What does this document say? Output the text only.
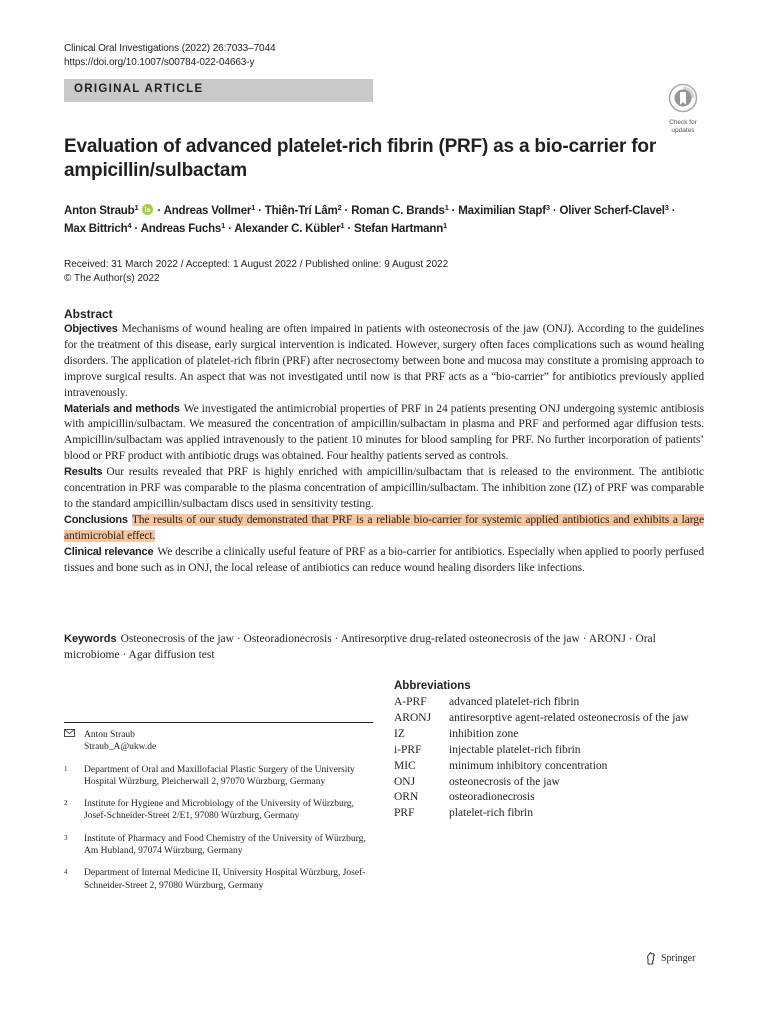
Clinical Oral Investigations (2022) 26:7033–7044
https://doi.org/10.1007/s00784-022-04663-y
ORIGINAL ARTICLE
Check for
updates
Evaluation of advanced platelet-rich fibrin (PRF) as a bio-carrier for ampicillin/sulbactam
Anton Straub$^1$  · Andreas Vollmer$^1$ · Thiên-Trí Lâm$^2$ · Roman C. Brands$^1$ · Maximilian Stapf$^3$ · Oliver Scherf-Clavel$^3$ ·
Max Bittrich$^4$ · Andreas Fuchs$^1$ · Alexander C. Kübler$^1$ · Stefan Hartmann$^1$
Received: 31 March 2022 / Accepted: 1 August 2022 / Published online: 9 August 2022
© The Author(s) 2022
Abstract
Objectives Mechanisms of wound healing are often impaired in patients with osteonecrosis of the jaw (ONJ). According to the guidelines for the treatment of this disease, early surgical intervention is indicated. However, surgery often faces complications such as wound healing disorders. The application of platelet-rich fibrin (PRF) after necrosectomy between bone and mucosa may constitute a promising approach to improve surgical results. An aspect that was not investigated until now is that PRF acts as a “bio-carrier” for antibiotics previously applied intravenously.
Materials and methods We investigated the antimicrobial properties of PRF in 24 patients presenting ONJ undergoing systemic antibiosis with ampicillin/sulbactam. We measured the concentration of ampicillin/sulbactam in plasma and PRF and performed agar diffusion tests. Ampicillin/sulbactam was applied intravenously to the patient 10 minutes for blood sampling for PRF. No further incorporation of patients’ blood or PRF product with antibiotic drugs was obtained. Four healthy patients served as controls.
Results Our results revealed that PRF is highly enriched with ampicillin/sulbactam that is released to the environment. The antibiotic concentration in PRF was comparable to the plasma concentration of ampicillin/sulbactam. The inhibition zone (IZ) of PRF was comparable to the standard ampicillin/sulbactam discs used in sensitivity testing.
Conclusions The results of our study demonstrated that PRF is a reliable bio-carrier for systemic applied antibiotics and exhibits a large antimicrobial effect.
Clinical relevance We describe a clinically useful feature of PRF as a bio-carrier for antibiotics. Especially when applied to poorly perfused tissues and bone such as in ONJ, the local release of antibiotics can reduce wound healing disorders like infections.
Keywords Osteonecrosis of the jaw · Osteoradionecrosis · Antiresorptive drug-related osteonecrosis of the jaw · ARONJ · Oral microbiome · Agar diffusion test
Abbreviations
A-PRF	advanced platelet-rich fibrin
ARONJ	antiresorptive agent-related osteonecrosis of the jaw
IZ	inhibition zone
i-PRF	injectable platelet-rich fibrin
MIC	minimum inhibitory concentration
ONJ	osteonecrosis of the jaw
ORN	osteoradionecrosis
PRF	platelet-rich fibrin
Anton Straub
Straub_A@ukw.de
1	Department of Oral and Maxillofacial Plastic Surgery of the University Hospital Würzburg, Pleicherwall 2, 97070 Würzburg, Germany
2	Institute for Hygiene and Microbiology of the University of Würzburg, Josef-Schneider-Street 2/E1, 97080 Würzburg, Germany
3	Institute of Pharmacy and Food Chemistry of the University of Würzburg, Am Hubland, 97074 Würzburg, Germany
4	Department of Internal Medicine II, University Hospital Würzburg, Josef-Schneider-Street 2, 97080 Würzburg, Germany
Springer
